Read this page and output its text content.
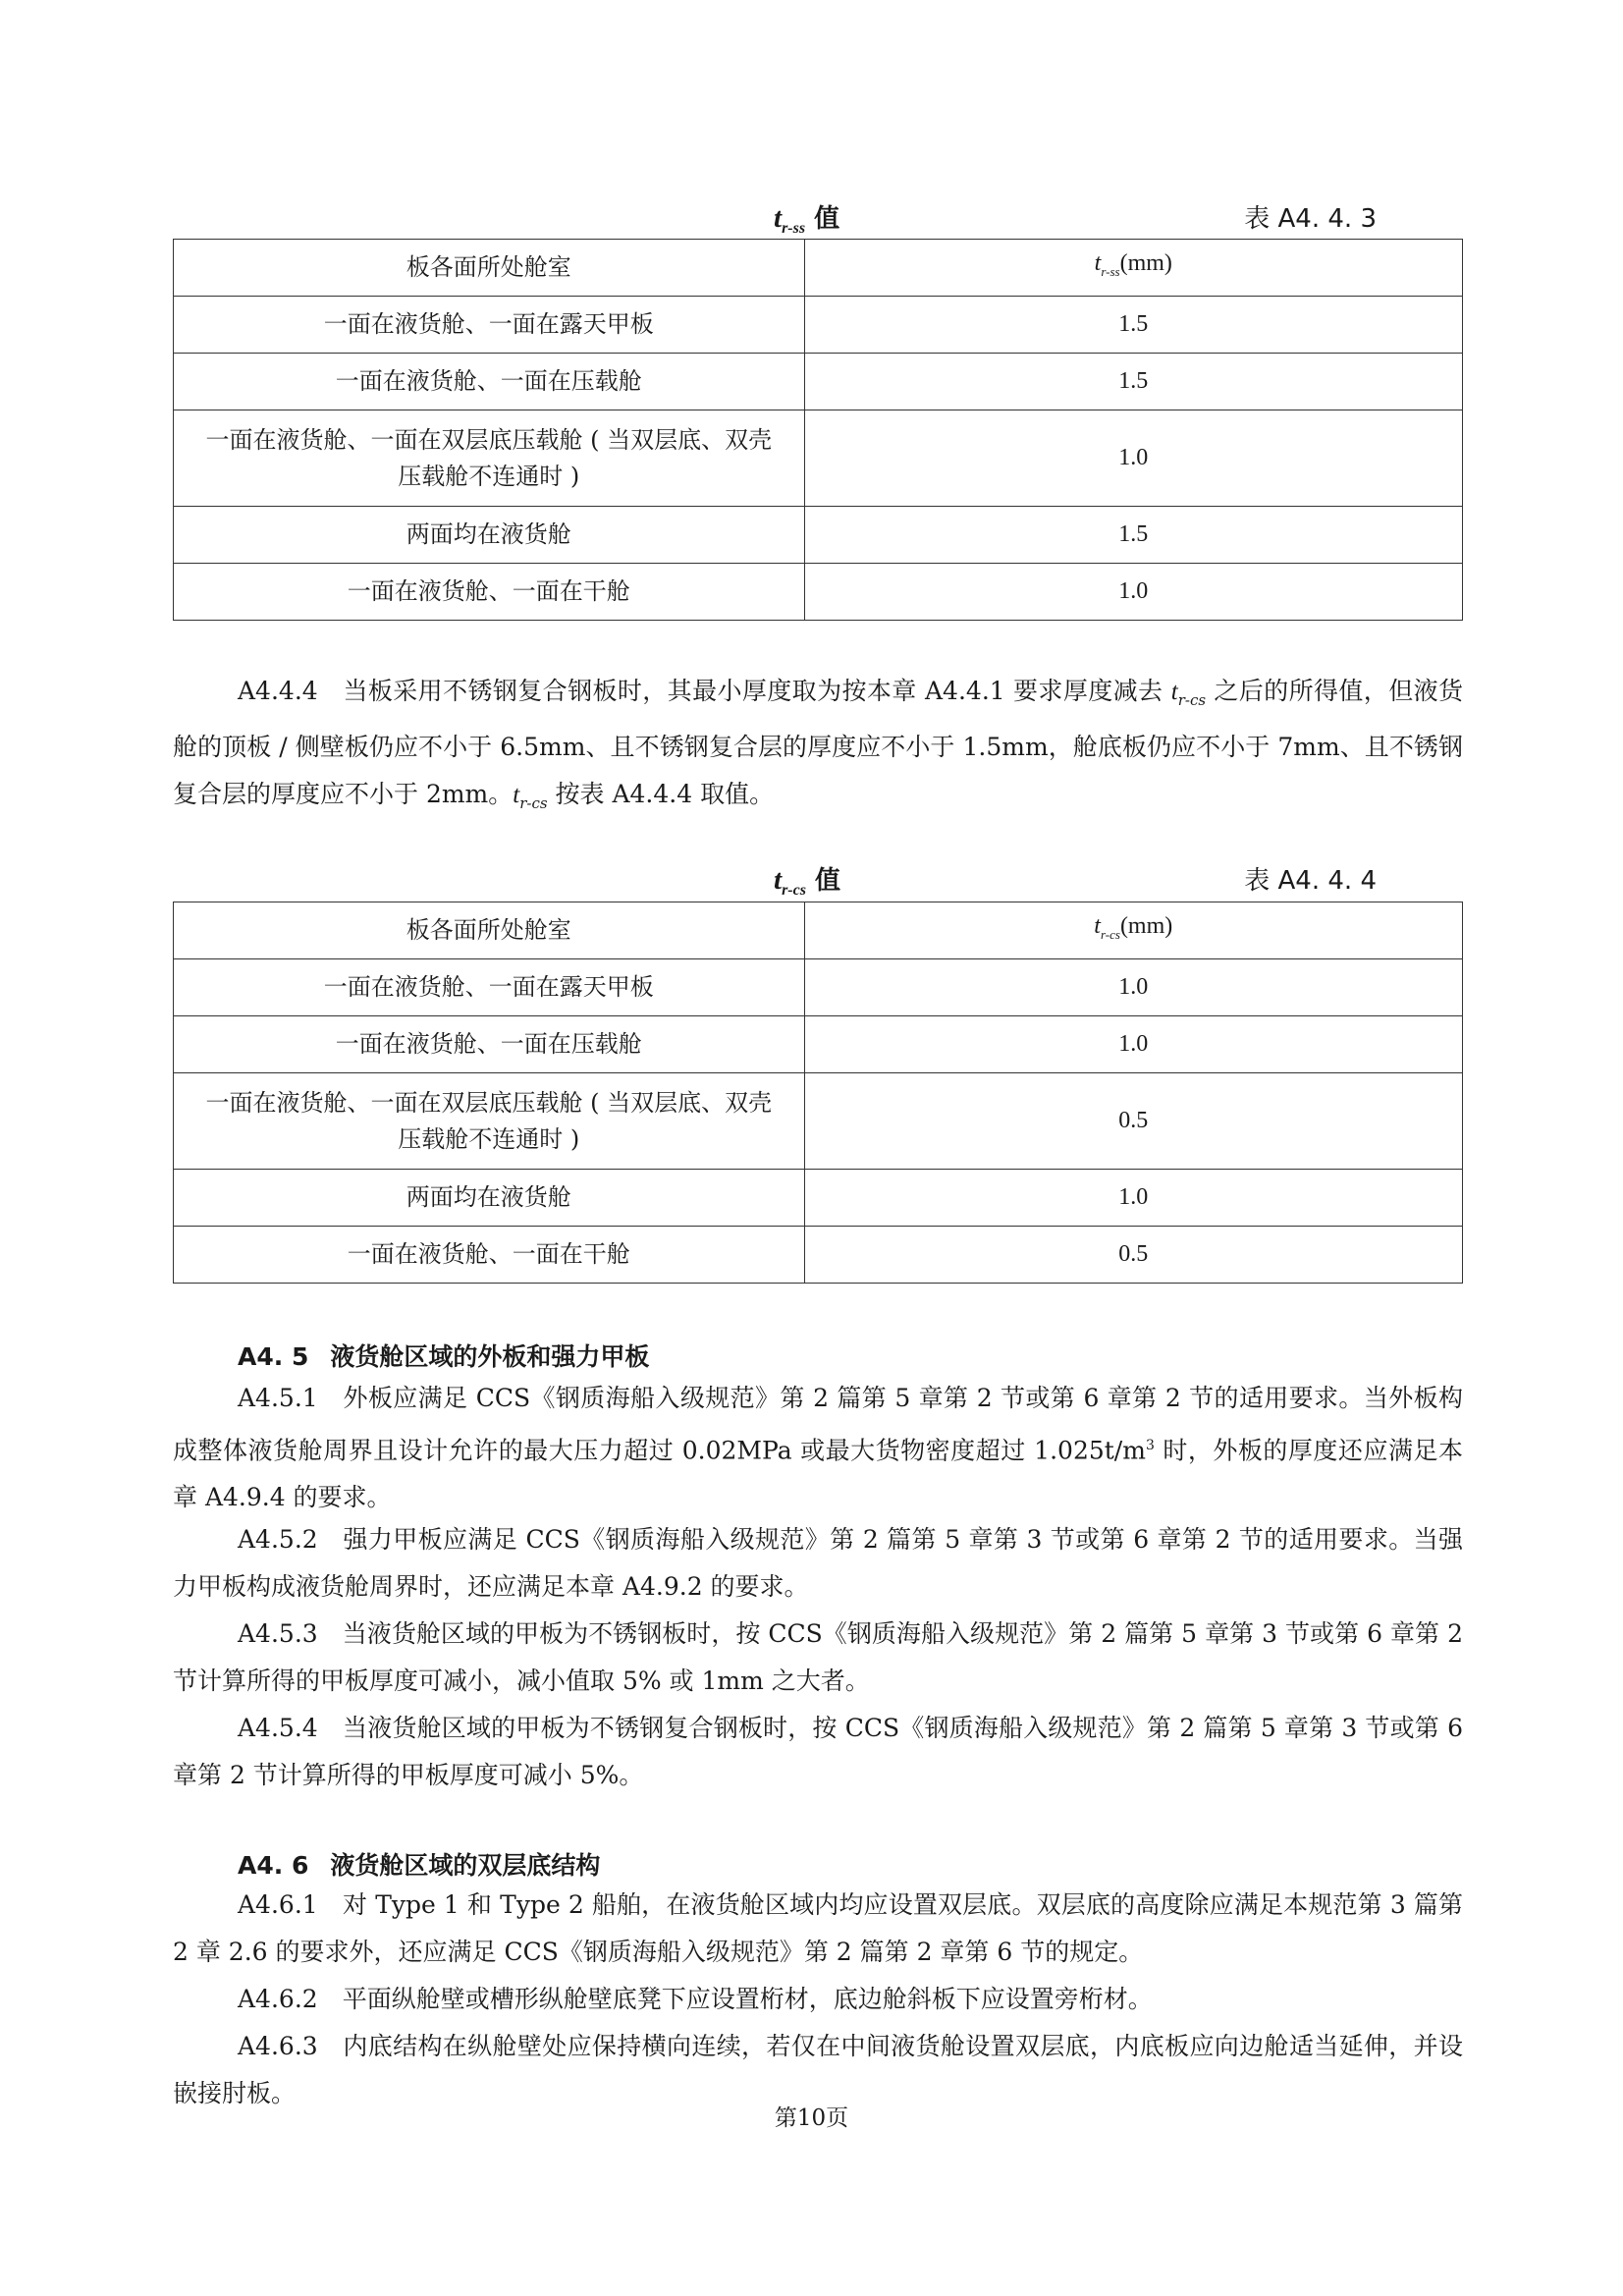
$t_{r-ss}$ 值	表 A4. 4. 3
板各面所处舱室	$t_{r-ss}(mm)$
一面在液货舱、一面在露天甲板	1.5
一面在液货舱、一面在压载舱	1.5
一面在液货舱、一面在双层底压载舱 ( 当双层底、双壳
压载舱不连通时 )	1.0
两面均在液货舱	1.5
一面在液货舱、一面在干舱	1.0
A4.4.4　 当板采用不锈钢复合钢板时，其最小厚度取为按本章 A4.4.1 要求厚度减去 $t_{r-cs}$ 之后的所得值，但液货舱的顶板 / 侧壁板仍应不小于 6.5mm、且不锈钢复合层的厚度应不小于 1.5mm，舱底板仍应不小于 7mm、且不锈钢复合层的厚度应不小于 2mm。$t_{r-cs}$ 按表 A4.4.4 取值。
$t_{r-cs}$ 值	表 A4. 4. 4
板各面所处舱室	$t_{r-cs}(mm)$
一面在液货舱、一面在露天甲板	1.0
一面在液货舱、一面在压载舱	1.0
一面在液货舱、一面在双层底压载舱 ( 当双层底、双壳
压载舱不连通时 )	0.5
两面均在液货舱	1.0
一面在液货舱、一面在干舱	0.5
A4. 5 液货舱区域的外板和强力甲板
A4.5.1　 外板应满足 CCS《钢质海船入级规范》第 2 篇第 5 章第 2 节或第 6 章第 2 节的适用要求。当外板构成整体液货舱周界且设计允许的最大压力超过 0.02MPa 或最大货物密度超过 $1.025t/m^3$ 时，外板的厚度还应满足本章 A4.9.4 的要求。
A4.5.2　 强力甲板应满足 CCS《钢质海船入级规范》第 2 篇第 5 章第 3 节或第 6 章第 2 节的适用要求。当强力甲板构成液货舱周界时，还应满足本章 A4.9.2 的要求。
A4.5.3　 当液货舱区域的甲板为不锈钢板时，按 CCS《钢质海船入级规范》第 2 篇第 5 章第 3 节或第 6 章第 2 节计算所得的甲板厚度可减小，减小值取 5% 或 1mm 之大者。
A4.5.4　 当液货舱区域的甲板为不锈钢复合钢板时，按 CCS《钢质海船入级规范》第 2 篇第 5 章第 3 节或第 6 章第 2 节计算所得的甲板厚度可减小 5%。
A4. 6 液货舱区域的双层底结构
A4.6.1　 对 Type 1 和 Type 2 船舶，在液货舱区域内均应设置双层底。双层底的高度除应满足本规范第 3 篇第 2 章 2.6 的要求外，还应满足 CCS《钢质海船入级规范》第 2 篇第 2 章第 6 节的规定。
A4.6.2　 平面纵舱壁或槽形纵舱壁底凳下应设置桁材，底边舱斜板下应设置旁桁材。
A4.6.3　 内底结构在纵舱壁处应保持横向连续，若仅在中间液货舱设置双层底，内底板应向边舱适当延伸，并设嵌接肘板。
第10页
